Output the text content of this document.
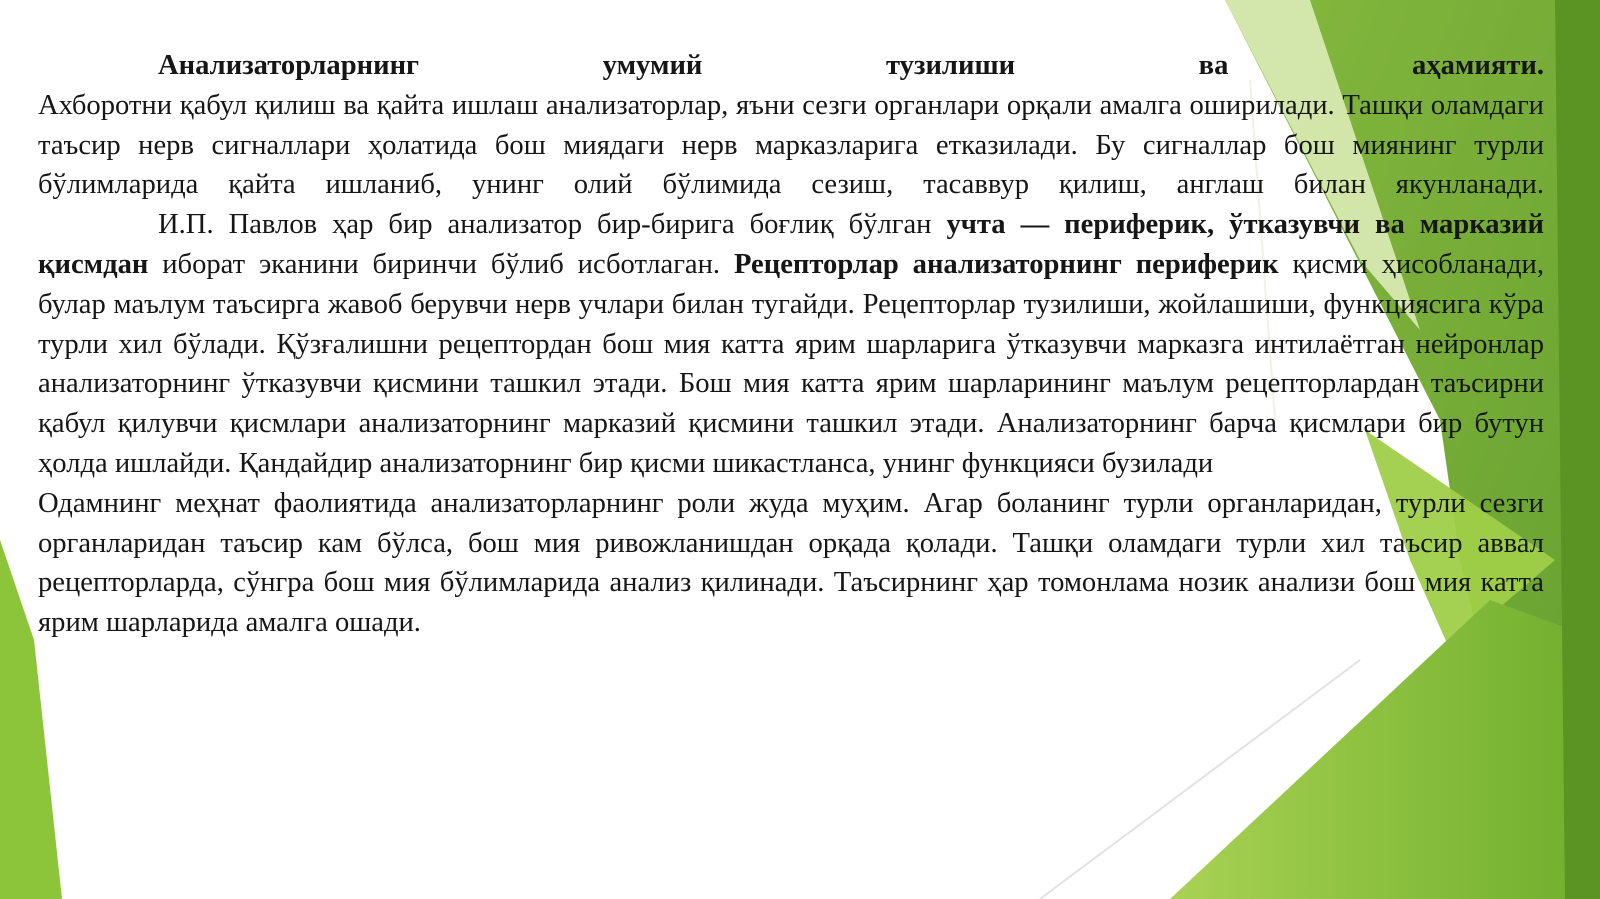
Анализаторларнинг умумий тузилиши ва аҳамияти.

Ахборотни қабул қилиш ва қайта ишлаш анализаторлар, яъни сезги органлари орқали амалга оширилади. Ташқи оламдаги таъсир нерв сигналлари ҳолатида бош миядаги нерв марказларига етказилади. Бу сигналлар бош миянинг турли бўлимларида қайта ишланиб, унинг олий бўлимида сезиш, тасаввур қилиш, англаш билан якунланади.

И.П. Павлов ҳар бир анализатор бир-бирига боғлиқ бўлган учта — периферик, ўтказувчи ва марказий қисмдан иборат эканини биринчи бўлиб исботлаган. Рецепторлар анализаторнинг периферик қисми ҳисобланади, булар маълум таъсирга жавоб берувчи нерв учлари билан тугайди. Рецепторлар тузилиши, жойлашиши, функциясига кўра турли хил бўлади. Қўзғалишни рецептордан бош мия катта ярим шарларига ўтказувчи марказга интилаётган нейронлар анализаторнинг ўтказувчи қисмини ташкил этади. Бош мия катта ярим шарларининг маълум рецепторлардан таъсирни қабул қилувчи қисмлари анализаторнинг марказий қисмини ташкил этади. Анализаторнинг барча қисмлари бир бутун ҳолда ишлайди. Қандайдир анализаторнинг бир қисми шикастланса, унинг функцияси бузилади

Одамнинг меҳнат фаолиятида анализаторларнинг роли жуда муҳим. Агар боланинг турли органларидан, турли сезги органларидан таъсир кам бўлса, бош мия ривожланишдан орқада қолади. Ташқи оламдаги турли хил таъсир аввал рецепторларда, сўнгра бош мия бўлимларида анализ қилинади. Таъсирнинг ҳар томонлама нозик анализи бош мия катта ярим шарларида амалга ошади.
